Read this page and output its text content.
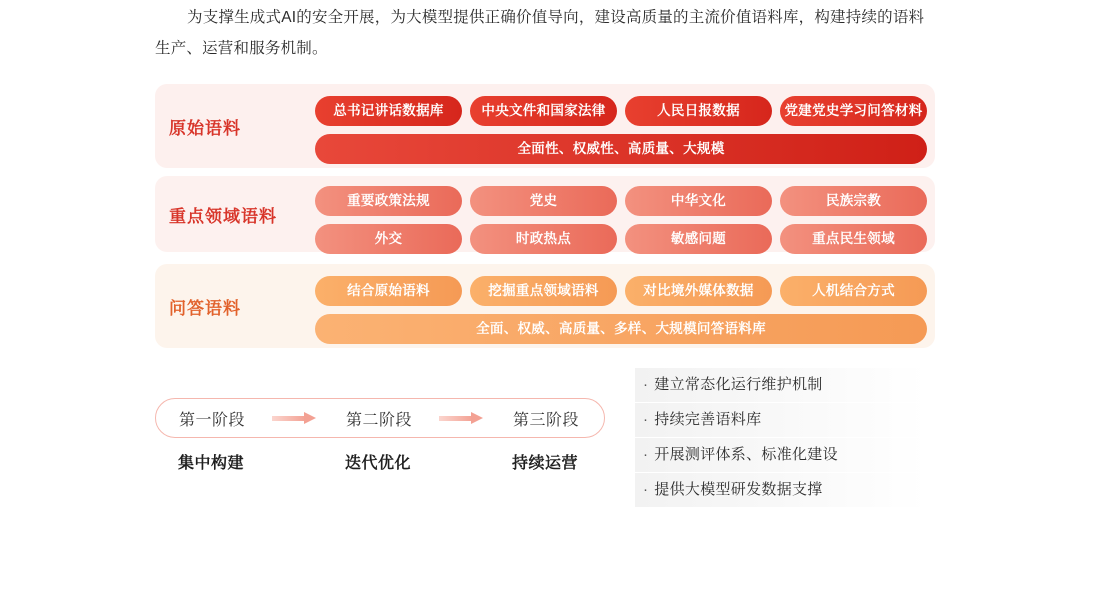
为支撑生成式AI的安全开展，为大模型提供正确价值导向，建设高质量的主流价值语料库，构建持续的语料生产、运营和服务机制。
原始语料
总书记讲话数据库	中央文件和国家法律	人民日报数据	党建党史学习问答材料
全面性、权威性、高质量、大规模
重点领域语料
重要政策法规	党史	中华文化	民族宗教
外交	时政热点	敏感问题	重点民生领域
问答语料
结合原始语料	挖掘重点领域语料	对比境外媒体数据	人机结合方式
全面、权威、高质量、多样、大规模问答语料库
第一阶段	第二阶段	第三阶段
集中构建	迭代优化	持续运营
· 建立常态化运行维护机制
· 持续完善语料库
· 开展测评体系、标准化建设
· 提供大模型研发数据支撑
